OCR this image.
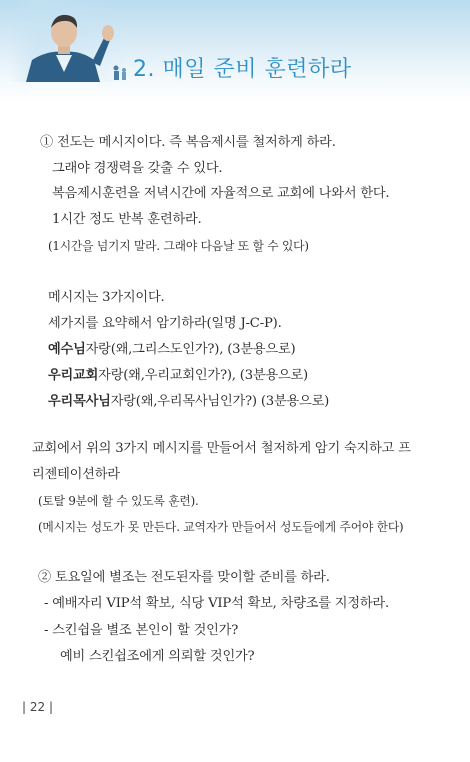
2. 매일 준비 훈련하라
① 전도는 메시지이다. 즉 복음제시를 철저하게 하라.
그래야 경쟁력을 갖출 수 있다.
복음제시훈련을 저녁시간에 자율적으로 교회에 나와서 한다.
1시간 정도 반복 훈련하라.
(1시간을 넘기지 말라. 그래야 다음날 또 할 수 있다)
메시지는 3가지이다.
세가지를 요약해서 암기하라(일명 J-C-P).
예수님자랑(왜,그리스도인가?), (3분용으로)
우리교회자랑(왜,우리교회인가?), (3분용으로)
우리목사님자랑(왜,우리목사님인가?) (3분용으로)
교회에서 위의 3가지 메시지를 만들어서 철저하게 암기 숙지하고 프
리젠테이션하라
(토탈 9분에 할 수 있도록 훈련).
(메시지는 성도가 못 만든다. 교역자가 만들어서 성도들에게 주어야 한다)
② 토요일에 별조는 전도된자를 맞이할 준비를 하라.
- 예배자리 VIP석 확보, 식당 VIP석 확보, 차량조를 지정하라.
- 스킨쉽을 별조 본인이 할 것인가?
예비 스킨쉽조에게 의뢰할 것인가?
| 22 |
